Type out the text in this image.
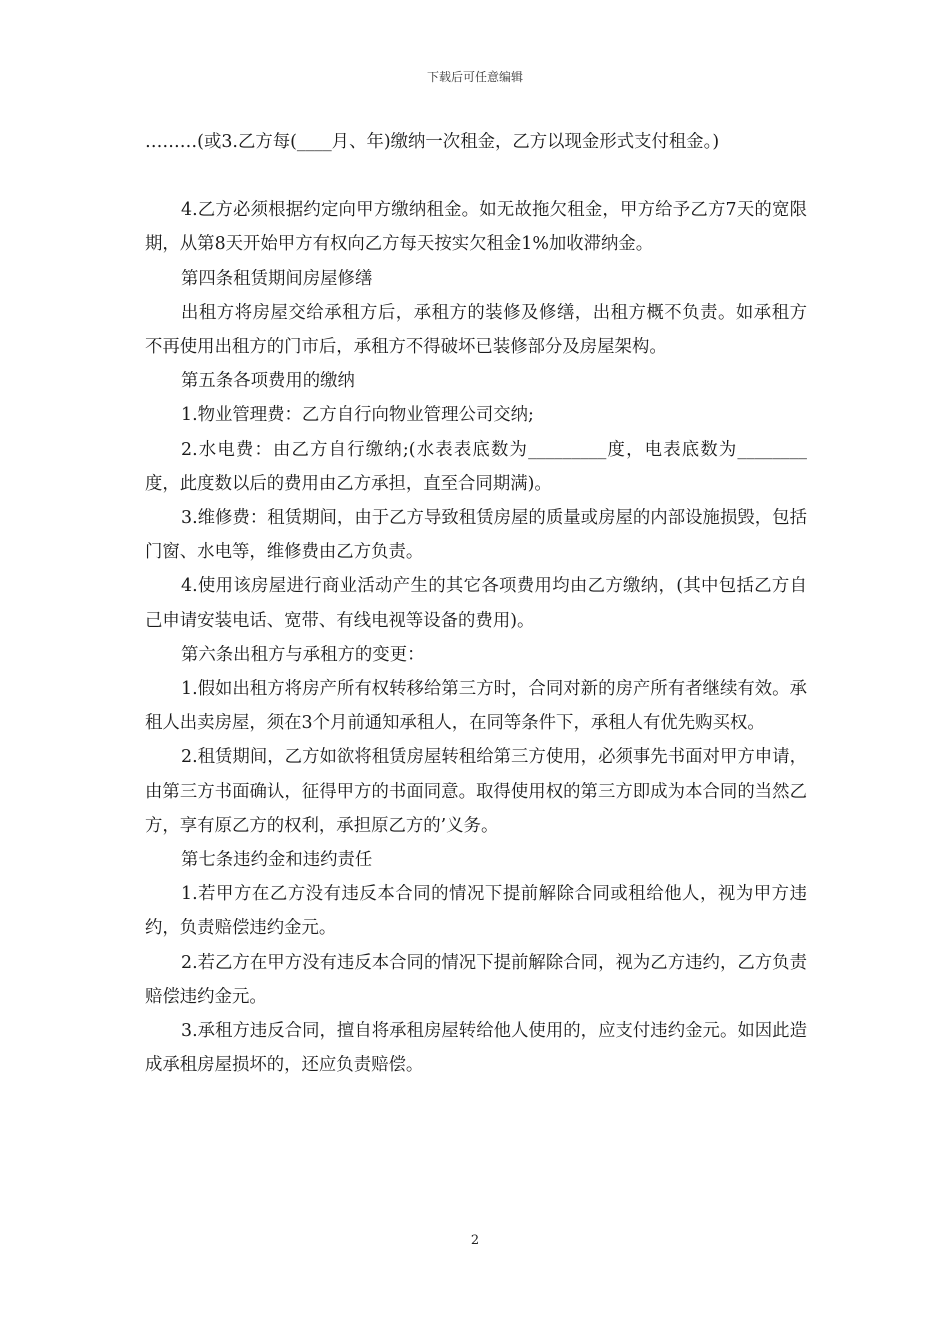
下载后可任意编辑

………(或3.乙方每(____月、年)缴纳一次租金，乙方以现金形式支付租金。)

4.乙方必须根据约定向甲方缴纳租金。如无故拖欠租金，甲方给予乙方7天的宽限期，从第8天开始甲方有权向乙方每天按实欠租金1%加收滞纳金。

第四条租赁期间房屋修缮

出租方将房屋交给承租方后，承租方的装修及修缮，出租方概不负责。如承租方不再使用出租方的门市后，承租方不得破坏已装修部分及房屋架构。

第五条各项费用的缴纳

1.物业管理费：乙方自行向物业管理公司交纳;

2.水电费：由乙方自行缴纳;(水表表底数为_________度，电表底数为________度，此度数以后的费用由乙方承担，直至合同期满)。

3.维修费：租赁期间，由于乙方导致租赁房屋的质量或房屋的内部设施损毁，包括门窗、水电等，维修费由乙方负责。

4.使用该房屋进行商业活动产生的其它各项费用均由乙方缴纳，(其中包括乙方自己申请安装电话、宽带、有线电视等设备的费用)。

第六条出租方与承租方的变更：

1.假如出租方将房产所有权转移给第三方时，合同对新的房产所有者继续有效。承租人出卖房屋，须在3个月前通知承租人，在同等条件下，承租人有优先购买权。

2.租赁期间，乙方如欲将租赁房屋转租给第三方使用，必须事先书面对甲方申请，由第三方书面确认，征得甲方的书面同意。取得使用权的第三方即成为本合同的当然乙方，享有原乙方的权利，承担原乙方的’义务。

第七条违约金和违约责任

1.若甲方在乙方没有违反本合同的情况下提前解除合同或租给他人，视为甲方违约，负责赔偿违约金元。

2.若乙方在甲方没有违反本合同的情况下提前解除合同，视为乙方违约，乙方负责赔偿违约金元。

3.承租方违反合同，擅自将承租房屋转给他人使用的，应支付违约金元。如因此造成承租房屋损坏的，还应负责赔偿。

2
